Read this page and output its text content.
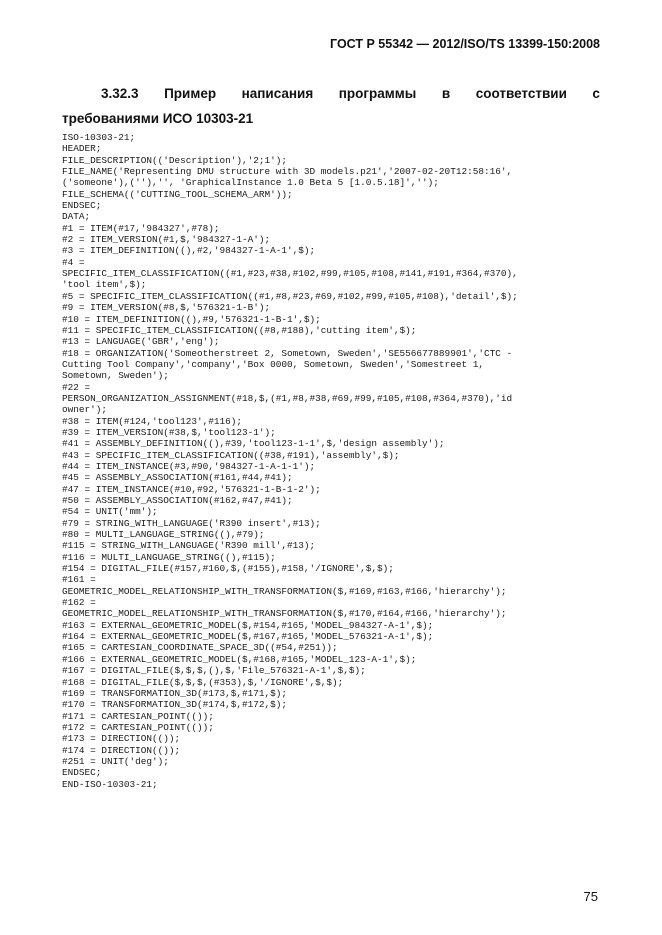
ГОСТ Р 55342 — 2012/ISO/TS 13399-150:2008
3.32.3 Пример написания программы в соответствии с
требованиями ИСО 10303-21
ISO-10303-21;
HEADER;
FILE_DESCRIPTION(('Description'),'2;1');
FILE_NAME('Representing DMU structure with 3D models.p21','2007-02-20T12:58:16',
('someone'),(''),'', 'GraphicalInstance 1.0 Beta 5 [1.0.5.18]','');
FILE_SCHEMA(('CUTTING_TOOL_SCHEMA_ARM'));
ENDSEC;
DATA;
#1 = ITEM(#17,'984327',#78);
#2 = ITEM_VERSION(#1,$,'984327-1-A');
#3 = ITEM_DEFINITION((),#2,'984327-1-A-1',$);
#4 =
SPECIFIC_ITEM_CLASSIFICATION((#1,#23,#38,#102,#99,#105,#108,#141,#191,#364,#370),
'tool item',$);
#5 = SPECIFIC_ITEM_CLASSIFICATION((#1,#8,#23,#69,#102,#99,#105,#108),'detail',$);
#9 = ITEM_VERSION(#8,$,'576321-1-B');
#10 = ITEM_DEFINITION((),#9,'576321-1-B-1',$);
#11 = SPECIFIC_ITEM_CLASSIFICATION((#8,#188),'cutting item',$);
#13 = LANGUAGE('GBR','eng');
#18 = ORGANIZATION('Someotherstreet 2, Sometown, Sweden','SE556677889901','CTC -
Cutting Tool Company','company','Box 0000, Sometown, Sweden','Somestreet 1,
Sometown, Sweden');
#22 =
PERSON_ORGANIZATION_ASSIGNMENT(#18,$,(#1,#8,#38,#69,#99,#105,#108,#364,#370),'id
owner');
#38 = ITEM(#124,'tool123',#116);
#39 = ITEM_VERSION(#38,$,'tool123-1');
#41 = ASSEMBLY_DEFINITION((),#39,'tool123-1-1',$,'design assembly');
#43 = SPECIFIC_ITEM_CLASSIFICATION((#38,#191),'assembly',$);
#44 = ITEM_INSTANCE(#3,#90,'984327-1-A-1-1');
#45 = ASSEMBLY_ASSOCIATION(#161,#44,#41);
#47 = ITEM_INSTANCE(#10,#92,'576321-1-B-1-2');
#50 = ASSEMBLY_ASSOCIATION(#162,#47,#41);
#54 = UNIT('mm');
#79 = STRING_WITH_LANGUAGE('R390 insert',#13);
#80 = MULTI_LANGUAGE_STRING((),#79);
#115 = STRING_WITH_LANGUAGE('R390 mill',#13);
#116 = MULTI_LANGUAGE_STRING((),#115);
#154 = DIGITAL_FILE(#157,#160,$,(#155),#158,'/IGNORE',$,$);
#161 =
GEOMETRIC_MODEL_RELATIONSHIP_WITH_TRANSFORMATION($,#169,#163,#166,'hierarchy');
#162 =
GEOMETRIC_MODEL_RELATIONSHIP_WITH_TRANSFORMATION($,#170,#164,#166,'hierarchy');
#163 = EXTERNAL_GEOMETRIC_MODEL($,#154,#165,'MODEL_984327-A-1',$);
#164 = EXTERNAL_GEOMETRIC_MODEL($,#167,#165,'MODEL_576321-A-1',$);
#165 = CARTESIAN_COORDINATE_SPACE_3D((#54,#251));
#166 = EXTERNAL_GEOMETRIC_MODEL($,#168,#165,'MODEL_123-A-1',$);
#167 = DIGITAL_FILE($,$,$,(),$,'File_576321-A-1',$,$);
#168 = DIGITAL_FILE($,$,$,(#353),$,'/IGNORE',$,$);
#169 = TRANSFORMATION_3D(#173,$,#171,$);
#170 = TRANSFORMATION_3D(#174,$,#172,$);
#171 = CARTESIAN_POINT(());
#172 = CARTESIAN_POINT(());
#173 = DIRECTION(());
#174 = DIRECTION(());
#251 = UNIT('deg');
ENDSEC;
END-ISO-10303-21;
75
